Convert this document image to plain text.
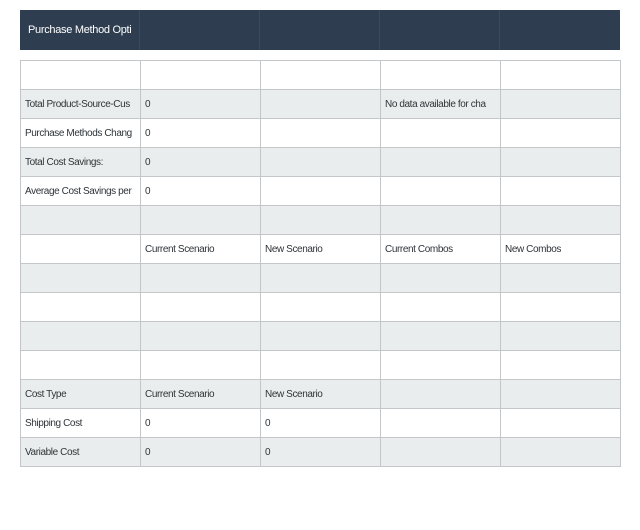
Purchase Method Opti

Total Product-Source-Cus	0		No data available for cha	
Purchase Methods Chang	0			
Total Cost Savings:	0			
Average Cost Savings per	0			

	Current Scenario	New Scenario	Current Combos	New Combos

Cost Type	Current Scenario	New Scenario		
Shipping Cost	0	0		
Variable Cost	0	0		
